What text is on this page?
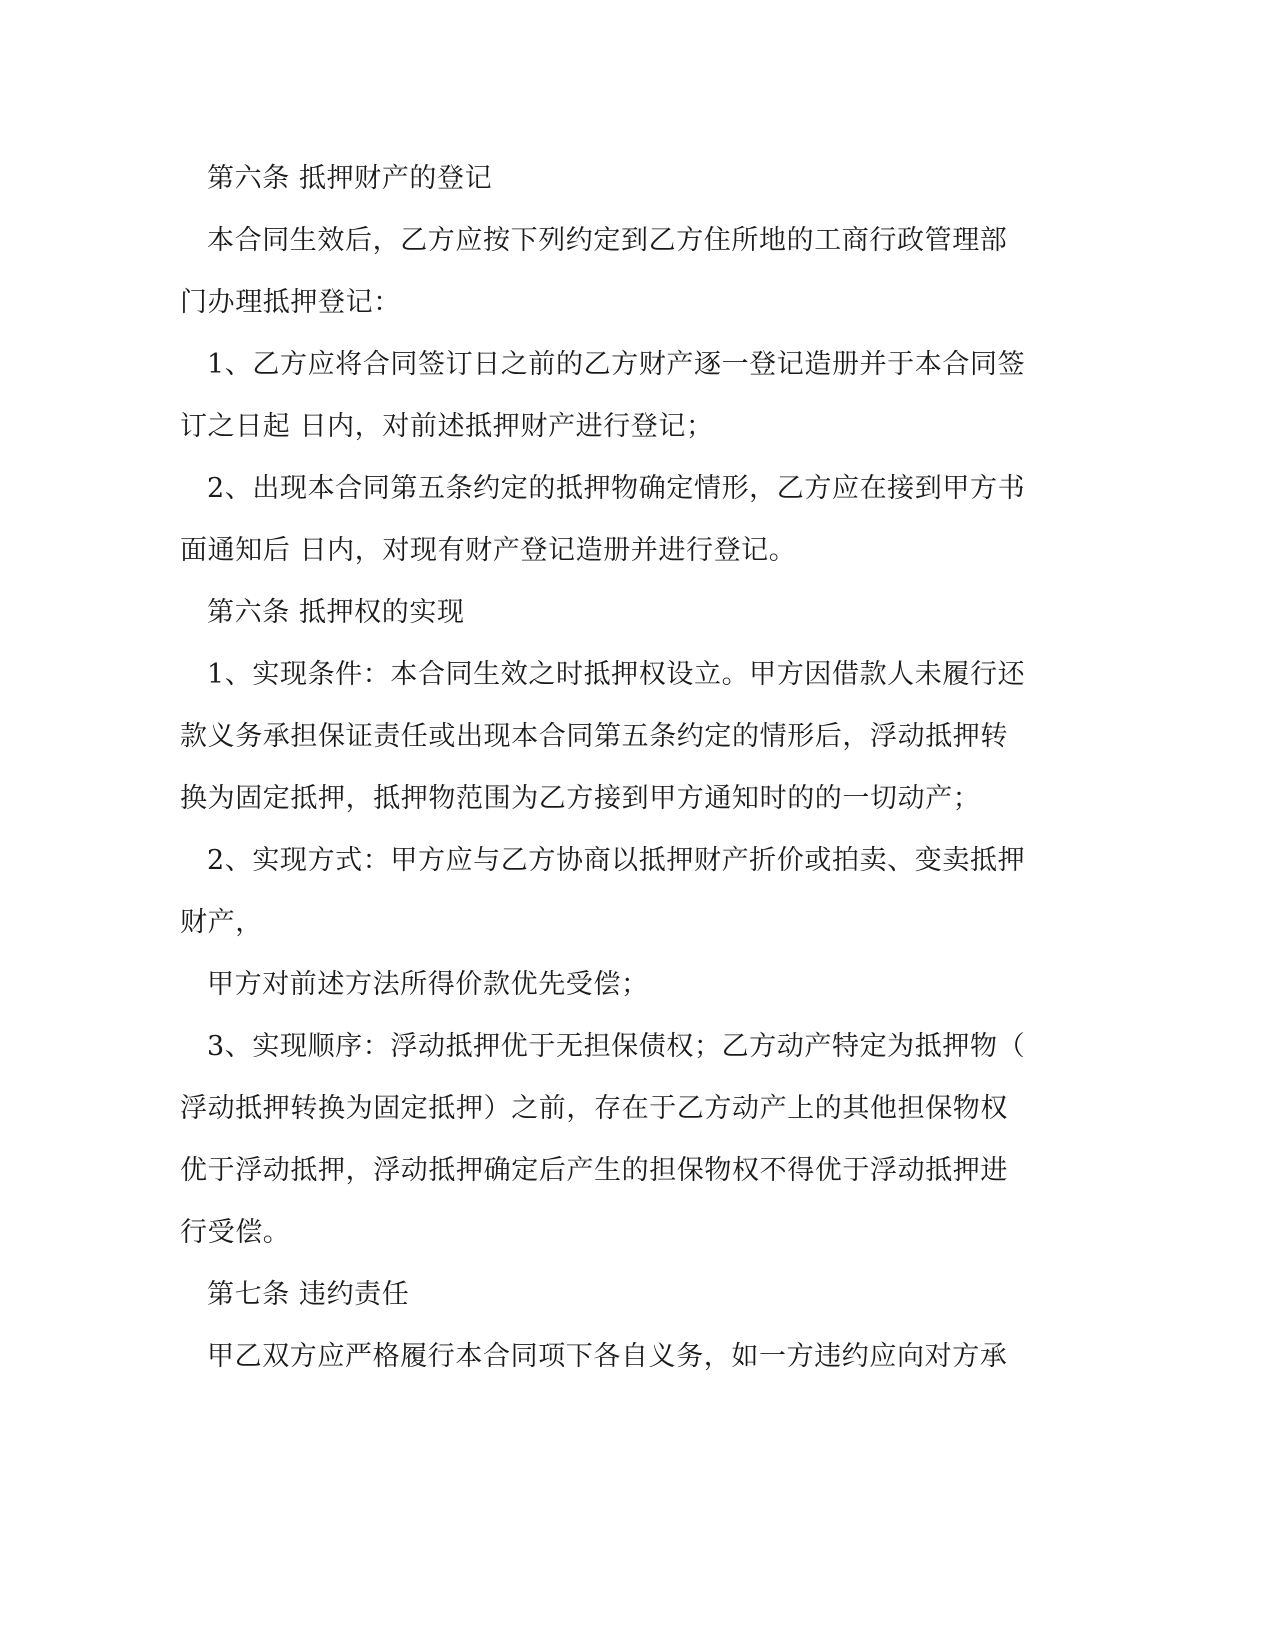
第六条 抵押财产的登记
本合同生效后，乙方应按下列约定到乙方住所地的工商行政管理部
门办理抵押登记：
1、乙方应将合同签订日之前的乙方财产逐一登记造册并于本合同签
订之日起 日内，对前述抵押财产进行登记；
2、出现本合同第五条约定的抵押物确定情形，乙方应在接到甲方书
面通知后 日内，对现有财产登记造册并进行登记。
第六条 抵押权的实现
1、实现条件：本合同生效之时抵押权设立。甲方因借款人未履行还
款义务承担保证责任或出现本合同第五条约定的情形后，浮动抵押转
换为固定抵押，抵押物范围为乙方接到甲方通知时的的一切动产；
2、实现方式：甲方应与乙方协商以抵押财产折价或拍卖、变卖抵押
财产，
甲方对前述方法所得价款优先受偿；
3、实现顺序：浮动抵押优于无担保债权；乙方动产特定为抵押物（
浮动抵押转换为固定抵押）之前，存在于乙方动产上的其他担保物权
优于浮动抵押，浮动抵押确定后产生的担保物权不得优于浮动抵押进
行受偿。
第七条 违约责任
甲乙双方应严格履行本合同项下各自义务，如一方违约应向对方承
